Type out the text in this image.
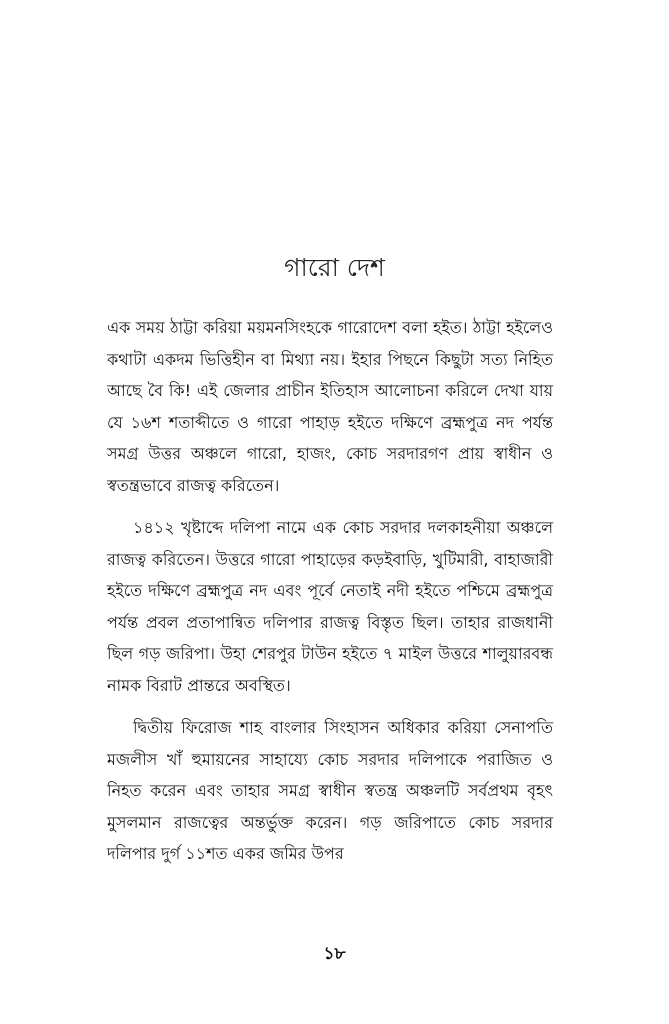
গারো দেশ

এক সময় ঠাট্টা করিয়া ময়মনসিংহকে গারোদেশ বলা হইত। ঠাট্টা হইলেও কথাটা একদম ভিত্তিহীন বা মিথ্যা নয়। ইহার পিছনে কিছুটা সত্য নিহিত আছে বৈ কি! এই জেলার প্রাচীন ইতিহাস আলোচনা করিলে দেখা যায় যে ১৬শ শতাব্দীতে ও গারো পাহাড় হইতে দক্ষিণে ব্রহ্মপুত্র নদ পর্যন্ত সমগ্র উত্তর অঞ্চলে গারো, হাজং, কোচ সরদারগণ প্রায় স্বাধীন ও স্বতন্ত্রভাবে রাজত্ব করিতেন।

১৪১২ খৃষ্টাব্দে দলিপা নামে এক কোচ সরদার দলকাহনীয়া অঞ্চলে রাজত্ব করিতেন। উত্তরে গারো পাহাড়ের কড়ইবাড়ি, খুটিমারী, বাহাজারী হইতে দক্ষিণে ব্রহ্মপুত্র নদ এবং পূর্বে নেতাই নদী হইতে পশ্চিমে ব্রহ্মপুত্র পর্যন্ত প্রবল প্রতাপান্বিত দলিপার রাজত্ব বিস্তৃত ছিল। তাহার রাজধানী ছিল গড় জরিপা। উহা শেরপুর টাউন হইতে ৭ মাইল উত্তরে শালুয়ারবন্ধ নামক বিরাট প্রান্তরে অবস্থিত।

দ্বিতীয় ফিরোজ শাহ বাংলার সিংহাসন অধিকার করিয়া সেনাপতি মজলীস খাঁ হুমায়নের সাহায্যে কোচ সরদার দলিপাকে পরাজিত ও নিহত করেন এবং তাহার সমগ্র স্বাধীন স্বতন্ত্র অঞ্চলটি সর্বপ্রথম বৃহৎ মুসলমান রাজত্বের অন্তর্ভুক্ত করেন। গড় জরিপাতে কোচ সরদার দলিপার দুর্গ ১১শত একর জমির উপর

১৮
